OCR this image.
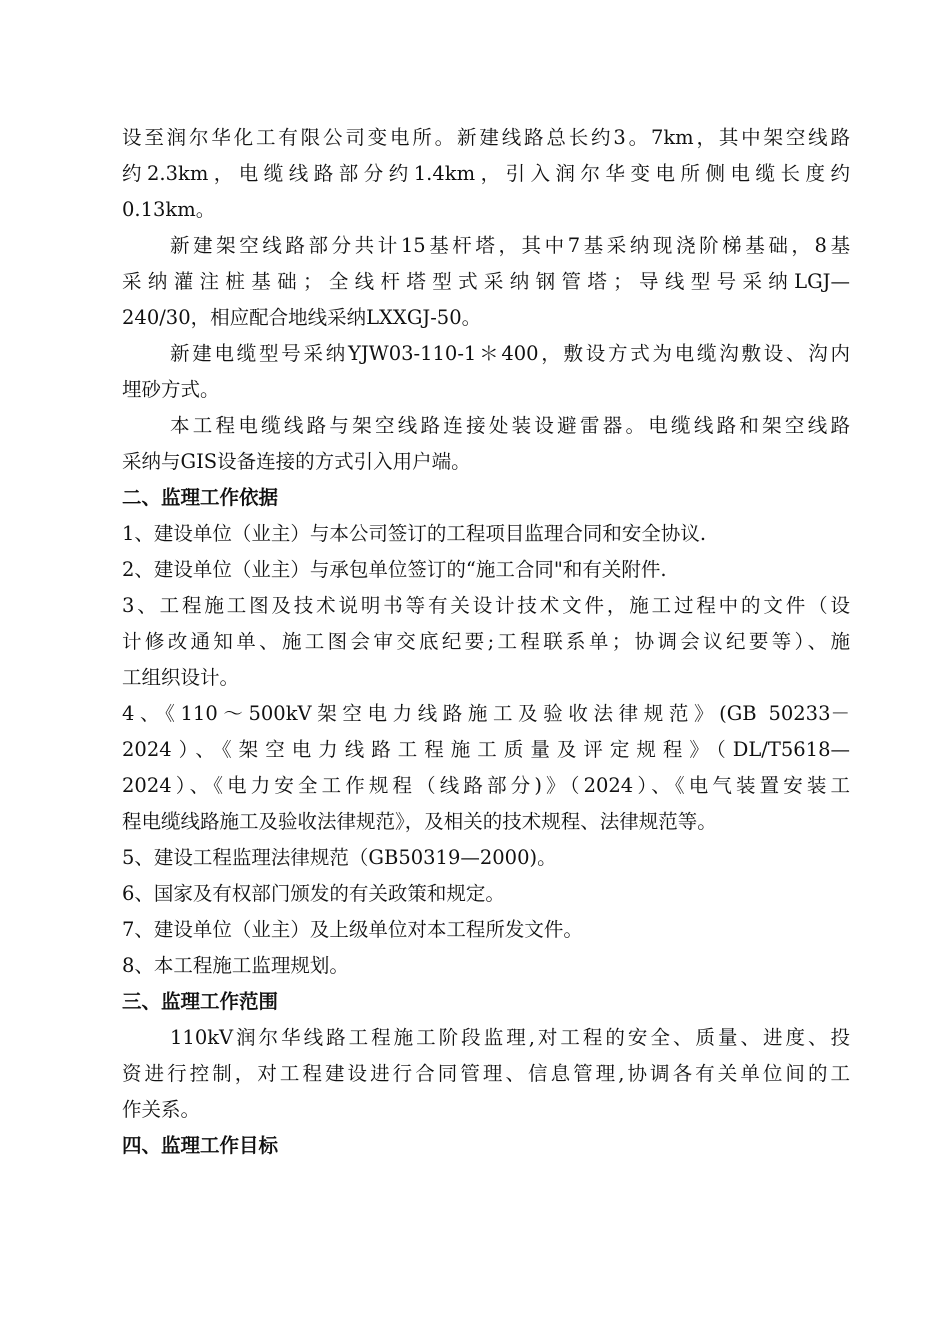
设至润尔华化工有限公司变电所。新建线路总长约3。7km，其中架空线路
约2.3km，电缆线路部分约1.4km，引入润尔华变电所侧电缆长度约
0.13km。
新建架空线路部分共计15基杆塔，其中7基采纳现浇阶梯基础，8基
采纳灌注桩基础；全线杆塔型式采纳钢管塔；导线型号采纳LGJ—
240/30，相应配合地线采纳LXXGJ-50。
新建电缆型号采纳YJW03-110-1＊400，敷设方式为电缆沟敷设、沟内
埋砂方式。
本工程电缆线路与架空线路连接处装设避雷器。电缆线路和架空线路
采纳与GIS设备连接的方式引入用户端。
二、监理工作依据
1、建设单位（业主）与本公司签订的工程项目监理合同和安全协议.
2、建设单位（业主）与承包单位签订的“施工合同"和有关附件.
3、工程施工图及技术说明书等有关设计技术文件，施工过程中的文件（设
计修改通知单、施工图会审交底纪要;工程联系单；协调会议纪要等）、施
工组织设计。
4、《110～500kV架空电力线路施工及验收法律规范》(GB 50233－
2024）、《架空电力线路工程施工质量及评定规程》（DL/T5618—
2024）、《电力安全工作规程（线路部分)》（2024）、《电气装置安装工
程电缆线路施工及验收法律规范》，及相关的技术规程、法律规范等。
5、建设工程监理法律规范（GB50319—2000)。
6、国家及有权部门颁发的有关政策和规定。
7、建设单位（业主）及上级单位对本工程所发文件。
8、本工程施工监理规划。
三、监理工作范围
110kV润尔华线路工程施工阶段监理,对工程的安全、质量、进度、投
资进行控制，对工程建设进行合同管理、信息管理,协调各有关单位间的工
作关系。
四、监理工作目标
